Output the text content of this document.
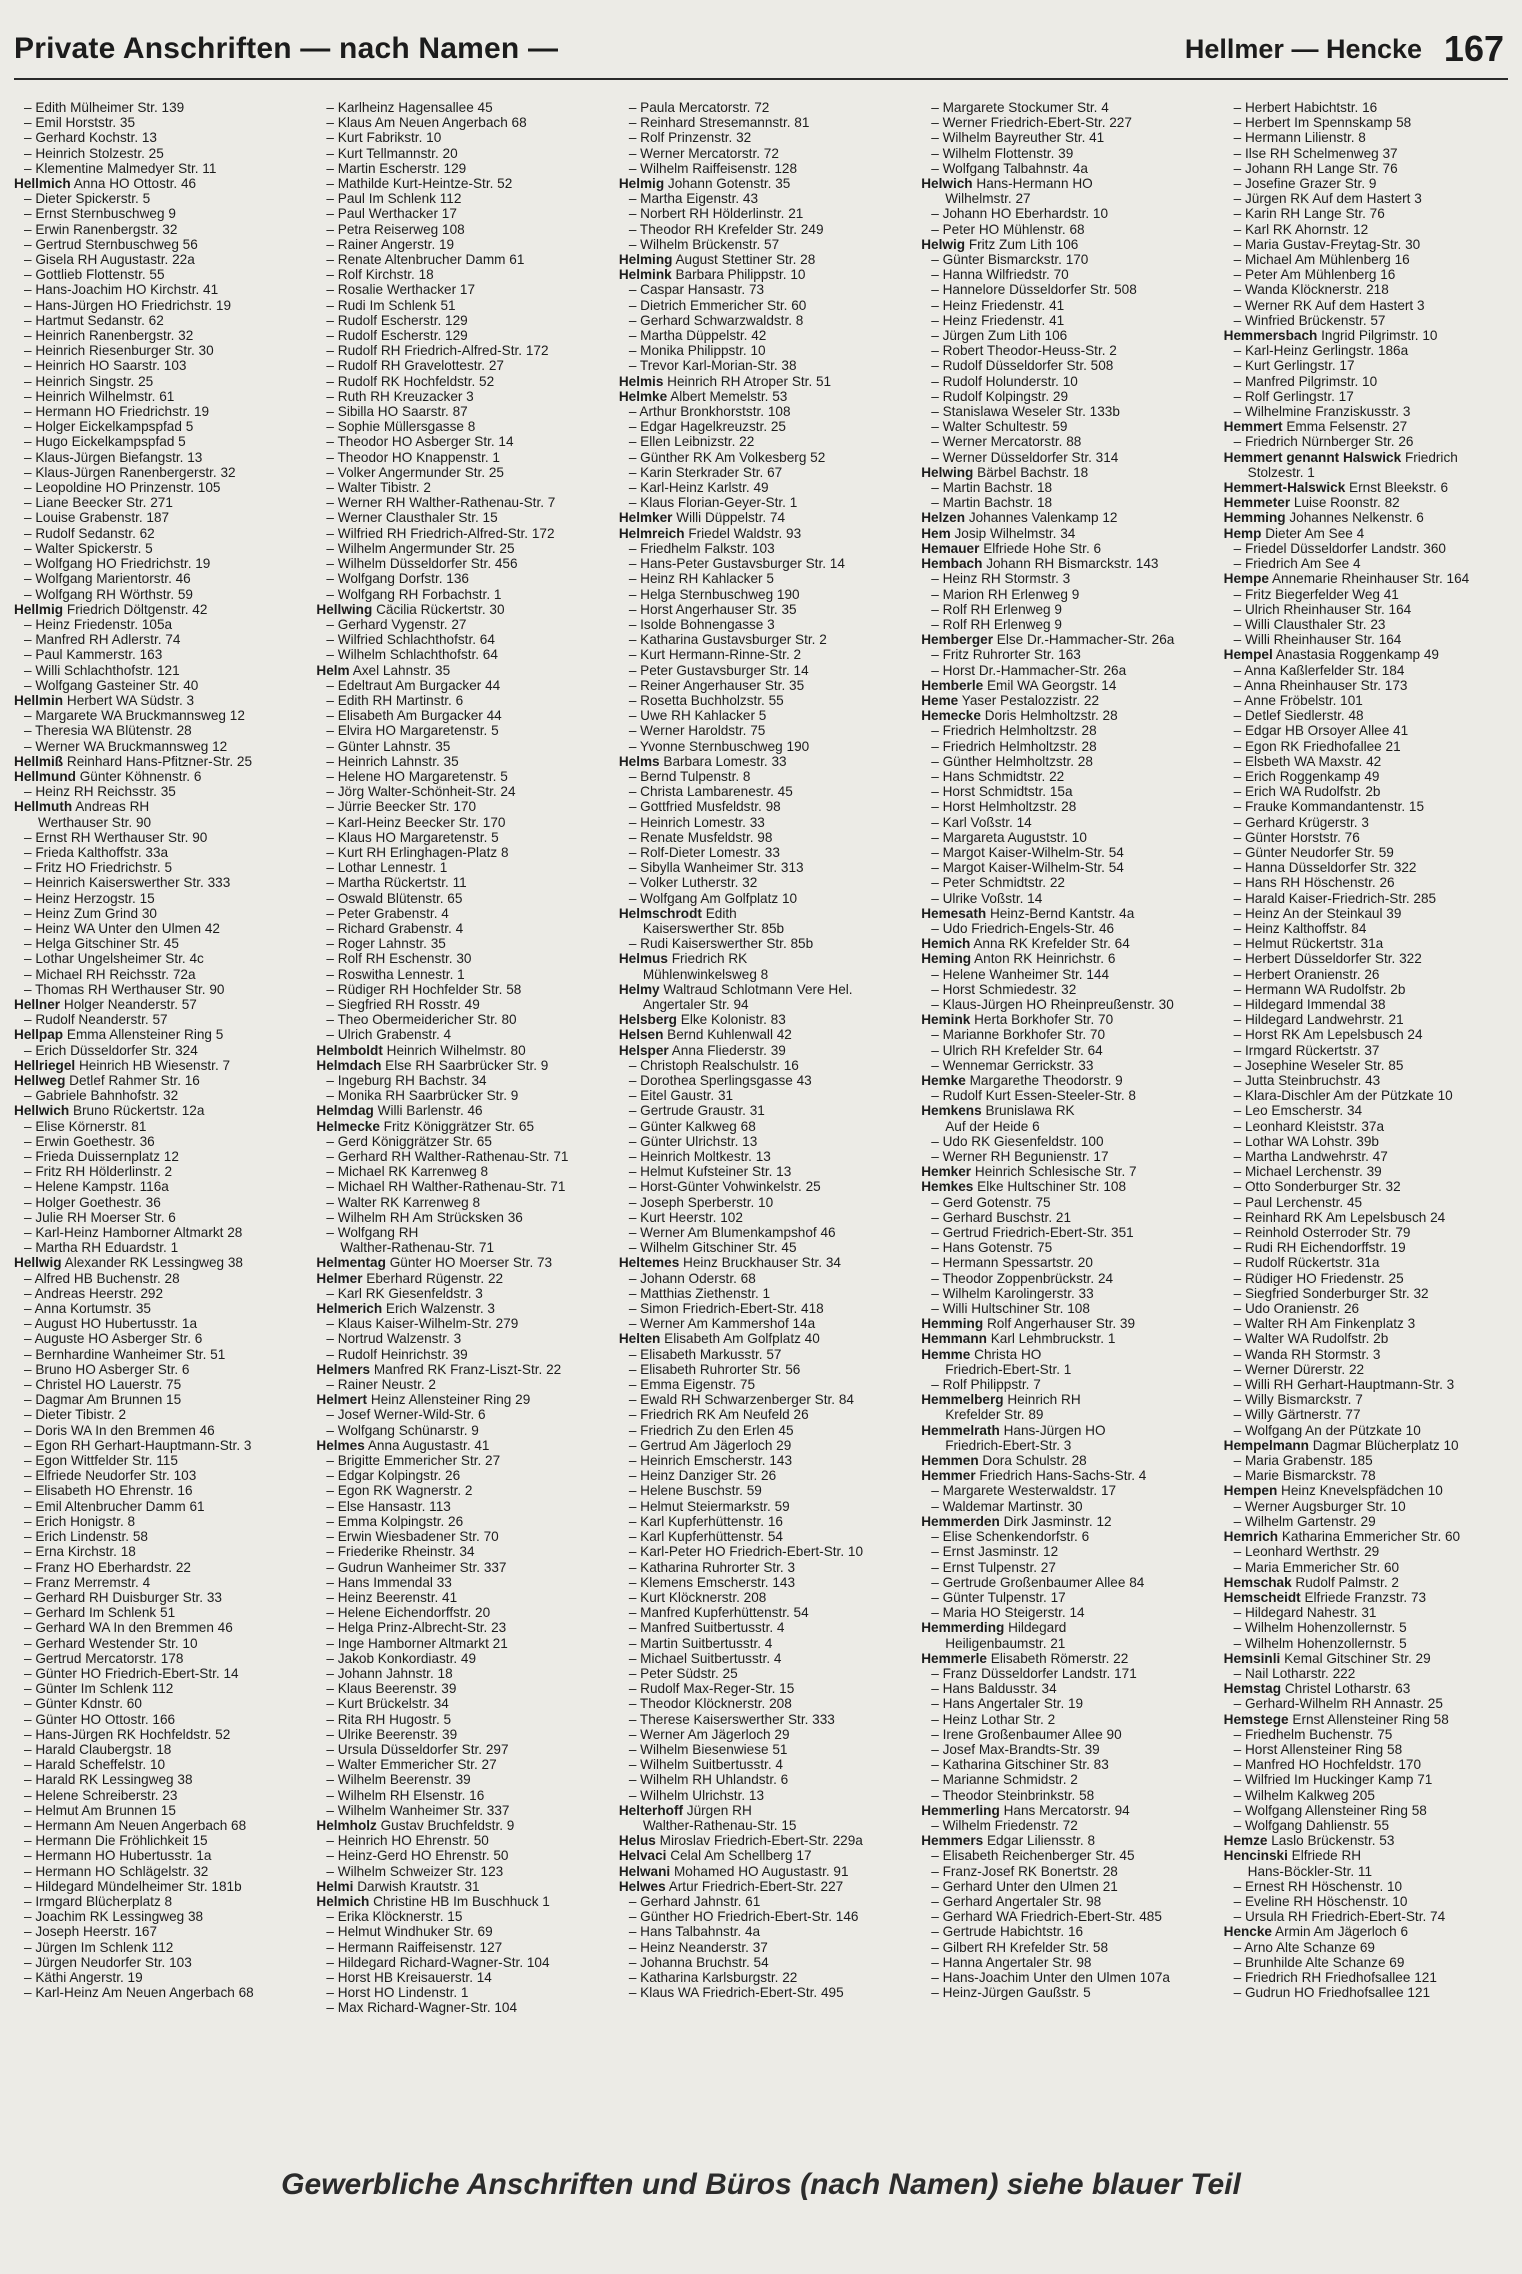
Private Anschriften — nach Namen —	Hellmer — Hencke 167
– Edith Mülheimer Str. 139
– Emil Horststr. 35
– Gerhard Kochstr. 13
– Heinrich Stolzestr. 25
– Klementine Malmedyer Str. 11
Hellmich Anna HO Ottostr. 46
– Dieter Spickerstr. 5
– Ernst Sternbuschweg 9
– Erwin Ranenbergstr. 32
– Gertrud Sternbuschweg 56
– Gisela RH Augustastr. 22a
– Gottlieb Flottenstr. 55
– Hans-Joachim HO Kirchstr. 41
– Hans-Jürgen HO Friedrichstr. 19
– Hartmut Sedanstr. 62
– Heinrich Ranenbergstr. 32
– Heinrich Riesenburger Str. 30
– Heinrich HO Saarstr. 103
– Heinrich Singstr. 25
– Heinrich Wilhelmstr. 61
– Hermann HO Friedrichstr. 19
– Holger Eickelkampspfad 5
– Hugo Eickelkampspfad 5
– Klaus-Jürgen Biefangstr. 13
– Klaus-Jürgen Ranenbergerstr. 32
– Leopoldine HO Prinzenstr. 105
– Liane Beecker Str. 271
– Louise Grabenstr. 187
– Rudolf Sedanstr. 62
– Walter Spickerstr. 5
– Wolfgang HO Friedrichstr. 19
– Wolfgang Marientorstr. 46
– Wolfgang RH Wörthstr. 59
Hellmig Friedrich Döltgenstr. 42
– Heinz Friedenstr. 105a
– Manfred RH Adlerstr. 74
– Paul Kammerstr. 163
– Willi Schlachthofstr. 121
– Wolfgang Gasteiner Str. 40
Hellmin Herbert WA Südstr. 3
– Margarete WA Bruckmannsweg 12
– Theresia WA Blütenstr. 28
– Werner WA Bruckmannsweg 12
Hellmiß Reinhard Hans-Pfitzner-Str. 25
Hellmund Günter Köhnenstr. 6
– Heinz RH Reichsstr. 35
Hellmuth Andreas RH
Werthauser Str. 90
– Ernst RH Werthauser Str. 90
– Frieda Kalthoffstr. 33a
– Fritz HO Friedrichstr. 5
– Heinrich Kaiserswerther Str. 333
– Heinz Herzogstr. 15
– Heinz Zum Grind 30
– Heinz WA Unter den Ulmen 42
– Helga Gitschiner Str. 45
– Lothar Ungelsheimer Str. 4c
– Michael RH Reichsstr. 72a
– Thomas RH Werthauser Str. 90
Hellner Holger Neanderstr. 57
– Rudolf Neanderstr. 57
Hellpap Emma Allensteiner Ring 5
– Erich Düsseldorfer Str. 324
Hellriegel Heinrich HB Wiesenstr. 7
Hellweg Detlef Rahmer Str. 16
– Gabriele Bahnhofstr. 32
Hellwich Bruno Rückertstr. 12a
– Elise Körnerstr. 81
– Erwin Goethestr. 36
– Frieda Duissernplatz 12
– Fritz RH Hölderlinstr. 2
– Helene Kampstr. 116a
– Holger Goethestr. 36
– Julie RH Moerser Str. 6
– Karl-Heinz Hamborner Altmarkt 28
– Martha RH Eduardstr. 1
Hellwig Alexander RK Lessingweg 38
– Alfred HB Buchenstr. 28
– Andreas Heerstr. 292
– Anna Kortumstr. 35
– August HO Hubertusstr. 1a
– Auguste HO Asberger Str. 6
– Bernhardine Wanheimer Str. 51
– Bruno HO Asberger Str. 6
– Christel HO Lauerstr. 75
– Dagmar Am Brunnen 15
– Dieter Tibistr. 2
– Doris WA In den Bremmen 46
– Egon RH Gerhart-Hauptmann-Str. 3
– Egon Wittfelder Str. 115
– Elfriede Neudorfer Str. 103
– Elisabeth HO Ehrenstr. 16
– Emil Altenbrucher Damm 61
– Erich Honigstr. 8
– Erich Lindenstr. 58
– Erna Kirchstr. 18
– Franz HO Eberhardstr. 22
– Franz Merremstr. 4
– Gerhard RH Duisburger Str. 33
– Gerhard Im Schlenk 51
– Gerhard WA In den Bremmen 46
– Gerhard Westender Str. 10
– Gertrud Mercatorstr. 178
– Günter HO Friedrich-Ebert-Str. 14
– Günter Im Schlenk 112
– Günter Kdnstr. 60
– Günter HO Ottostr. 166
– Hans-Jürgen RK Hochfeldstr. 52
– Harald Claubergstr. 18
– Harald Scheffelstr. 10
– Harald RK Lessingweg 38
– Helene Schreiberstr. 23
– Helmut Am Brunnen 15
– Hermann Am Neuen Angerbach 68
– Hermann Die Fröhlichkeit 15
– Hermann HO Hubertusstr. 1a
– Hermann HO Schlägelstr. 32
– Hildegard Mündelheimer Str. 181b
– Irmgard Blücherplatz 8
– Joachim RK Lessingweg 38
– Joseph Heerstr. 167
– Jürgen Im Schlenk 112
– Jürgen Neudorfer Str. 103
– Käthi Angerstr. 19
– Karl-Heinz Am Neuen Angerbach 68
– Karlheinz Hagensallee 45
– Klaus Am Neuen Angerbach 68
– Kurt Fabrikstr. 10
– Kurt Tellmannstr. 20
– Martin Escherstr. 129
– Mathilde Kurt-Heintze-Str. 52
– Paul Im Schlenk 112
– Paul Werthacker 17
– Petra Reiserweg 108
– Rainer Angerstr. 19
– Renate Altenbrucher Damm 61
– Rolf Kirchstr. 18
– Rosalie Werthacker 17
– Rudi Im Schlenk 51
– Rudolf Escherstr. 129
– Rudolf Escherstr. 129
– Rudolf RH Friedrich-Alfred-Str. 172
– Rudolf RH Gravelottestr. 27
– Rudolf RK Hochfeldstr. 52
– Ruth RH Kreuzacker 3
– Sibilla HO Saarstr. 87
– Sophie Müllersgasse 8
– Theodor HO Asberger Str. 14
– Theodor HO Knappenstr. 1
– Volker Angermunder Str. 25
– Walter Tibistr. 2
– Werner RH Walther-Rathenau-Str. 7
– Werner Clausthaler Str. 15
– Wilfried RH Friedrich-Alfred-Str. 172
– Wilhelm Angermunder Str. 25
– Wilhelm Düsseldorfer Str. 456
– Wolfgang Dorfstr. 136
– Wolfgang RH Forbachstr. 1
Hellwing Cäcilia Rückertstr. 30
– Gerhard Vygenstr. 27
– Wilfried Schlachthofstr. 64
– Wilhelm Schlachthofstr. 64
Helm Axel Lahnstr. 35
– Edeltraut Am Burgacker 44
– Edith RH Martinstr. 6
– Elisabeth Am Burgacker 44
– Elvira HO Margaretenstr. 5
– Günter Lahnstr. 35
– Heinrich Lahnstr. 35
– Helene HO Margaretenstr. 5
– Jörg Walter-Schönheit-Str. 24
– Jürrie Beecker Str. 170
– Karl-Heinz Beecker Str. 170
– Klaus HO Margaretenstr. 5
– Kurt RH Erlinghagen-Platz 8
– Lothar Lennestr. 1
– Martha Rückertstr. 11
– Oswald Blütenstr. 65
– Peter Grabenstr. 4
– Richard Grabenstr. 4
– Roger Lahnstr. 35
– Rolf RH Eschenstr. 30
– Roswitha Lennestr. 1
– Rüdiger RH Hochfelder Str. 58
– Siegfried RH Rosstr. 49
– Theo Obermeidericher Str. 80
– Ulrich Grabenstr. 4
Helmboldt Heinrich Wilhelmstr. 80
Helmdach Else RH Saarbrücker Str. 9
– Ingeburg RH Bachstr. 34
– Monika RH Saarbrücker Str. 9
Helmdag Willi Barlenstr. 46
Helmecke Fritz Königgrätzer Str. 65
– Gerd Königgrätzer Str. 65
– Gerhard RH Walther-Rathenau-Str. 71
– Michael RK Karrenweg 8
– Michael RH Walther-Rathenau-Str. 71
– Walter RK Karrenweg 8
– Wilhelm RH Am Strücksken 36
– Wolfgang RH
Walther-Rathenau-Str. 71
Helmentag Günter HO Moerser Str. 73
Helmer Eberhard Rügenstr. 22
– Karl RK Giesenfeldstr. 3
Helmerich Erich Walzenstr. 3
– Klaus Kaiser-Wilhelm-Str. 279
– Nortrud Walzenstr. 3
– Rudolf Heinrichstr. 39
Helmers Manfred RK Franz-Liszt-Str. 22
– Rainer Neustr. 2
Helmert Heinz Allensteiner Ring 29
– Josef Werner-Wild-Str. 6
– Wolfgang Schünarstr. 9
Helmes Anna Augustastr. 41
– Brigitte Emmericher Str. 27
– Edgar Kolpingstr. 26
– Egon RK Wagnerstr. 2
– Else Hansastr. 113
– Emma Kolpingstr. 26
– Erwin Wiesbadener Str. 70
– Friederike Rheinstr. 34
– Gudrun Wanheimer Str. 337
– Hans Immendal 33
– Heinz Beerenstr. 41
– Helene Eichendorffstr. 20
– Helga Prinz-Albrecht-Str. 23
– Inge Hamborner Altmarkt 21
– Jakob Konkordiastr. 49
– Johann Jahnstr. 18
– Klaus Beerenstr. 39
– Kurt Brückelstr. 34
– Rita RH Hugostr. 5
– Ulrike Beerenstr. 39
– Ursula Düsseldorfer Str. 297
– Walter Emmericher Str. 27
– Wilhelm Beerenstr. 39
– Wilhelm RH Elsenstr. 16
– Wilhelm Wanheimer Str. 337
Helmholz Gustav Bruchfeldstr. 9
– Heinrich HO Ehrenstr. 50
– Heinz-Gerd HO Ehrenstr. 50
– Wilhelm Schweizer Str. 123
Helmi Darwish Krautstr. 31
Helmich Christine HB Im Buschhuck 1
– Erika Klöcknerstr. 15
– Helmut Windhuker Str. 69
– Hermann Raiffeisenstr. 127
– Hildegard Richard-Wagner-Str. 104
– Horst HB Kreisauerstr. 14
– Horst HO Lindenstr. 1
– Max Richard-Wagner-Str. 104
– Paula Mercatorstr. 72
– Reinhard Stresemannstr. 81
– Rolf Prinzenstr. 32
– Werner Mercatorstr. 72
– Wilhelm Raiffeisenstr. 128
Helmig Johann Gotenstr. 35
– Martha Eigenstr. 43
– Norbert RH Hölderlinstr. 21
– Theodor RH Krefelder Str. 249
– Wilhelm Brückenstr. 57
Helming August Stettiner Str. 28
Helmink Barbara Philippstr. 10
– Caspar Hansastr. 73
– Dietrich Emmericher Str. 60
– Gerhard Schwarzwaldstr. 8
– Martha Düppelstr. 42
– Monika Philippstr. 10
– Trevor Karl-Morian-Str. 38
Helmis Heinrich RH Atroper Str. 51
Helmke Albert Memelstr. 53
– Arthur Bronkhorststr. 108
– Edgar Hagelkreuzstr. 25
– Ellen Leibnizstr. 22
– Günther RK Am Volkesberg 52
– Karin Sterkrader Str. 67
– Karl-Heinz Karlstr. 49
– Klaus Florian-Geyer-Str. 1
Helmker Willi Düppelstr. 74
Helmreich Friedel Waldstr. 93
– Friedhelm Falkstr. 103
– Hans-Peter Gustavsburger Str. 14
– Heinz RH Kahlacker 5
– Helga Sternbuschweg 190
– Horst Angerhauser Str. 35
– Isolde Bohnengasse 3
– Katharina Gustavsburger Str. 2
– Kurt Hermann-Rinne-Str. 2
– Peter Gustavsburger Str. 14
– Reiner Angerhauser Str. 35
– Rosetta Buchholzstr. 55
– Uwe RH Kahlacker 5
– Werner Haroldstr. 75
– Yvonne Sternbuschweg 190
Helms Barbara Lomestr. 33
– Bernd Tulpenstr. 8
– Christa Lambarenestr. 45
– Gottfried Musfeldstr. 98
– Heinrich Lomestr. 33
– Renate Musfeldstr. 98
– Rolf-Dieter Lomestr. 33
– Sibylla Wanheimer Str. 313
– Volker Lutherstr. 32
– Wolfgang Am Golfplatz 10
Helmschrodt Edith
Kaiserswerther Str. 85b
– Rudi Kaiserswerther Str. 85b
Helmus Friedrich RK
Mühlenwinkelsweg 8
Helmy Waltraud Schlotmann Vere Hel.
Angertaler Str. 94
Helsberg Elke Kolonistr. 83
Helsen Bernd Kuhlenwall 42
Helsper Anna Fliederstr. 39
– Christoph Realschulstr. 16
– Dorothea Sperlingsgasse 43
– Eitel Gaustr. 31
– Gertrude Graustr. 31
– Günter Kalkweg 68
– Günter Ulrichstr. 13
– Heinrich Moltkestr. 13
– Helmut Kufsteiner Str. 13
– Horst-Günter Vohwinkelstr. 25
– Joseph Sperberstr. 10
– Kurt Heerstr. 102
– Werner Am Blumenkampshof 46
– Wilhelm Gitschiner Str. 45
Heltemes Heinz Bruckhauser Str. 34
– Johann Oderstr. 68
– Matthias Ziethenstr. 1
– Simon Friedrich-Ebert-Str. 418
– Werner Am Kammershof 14a
Helten Elisabeth Am Golfplatz 40
– Elisabeth Markusstr. 57
– Elisabeth Ruhrorter Str. 56
– Emma Eigenstr. 75
– Ewald RH Schwarzenberger Str. 84
– Friedrich RK Am Neufeld 26
– Friedrich Zu den Erlen 45
– Gertrud Am Jägerloch 29
– Heinrich Emscherstr. 143
– Heinz Danziger Str. 26
– Helene Buschstr. 59
– Helmut Steiermarkstr. 59
– Karl Kupferhüttenstr. 16
– Karl Kupferhüttenstr. 54
– Karl-Peter HO Friedrich-Ebert-Str. 10
– Katharina Ruhrorter Str. 3
– Klemens Emscherstr. 143
– Kurt Klöcknerstr. 208
– Manfred Kupferhüttenstr. 54
– Manfred Suitbertusstr. 4
– Martin Suitbertusstr. 4
– Michael Suitbertusstr. 4
– Peter Südstr. 25
– Rudolf Max-Reger-Str. 15
– Theodor Klöcknerstr. 208
– Therese Kaiserswerther Str. 333
– Werner Am Jägerloch 29
– Wilhelm Biesenwiese 51
– Wilhelm Suitbertusstr. 4
– Wilhelm RH Uhlandstr. 6
– Wilhelm Ulrichstr. 13
Helterhoff Jürgen RH
Walther-Rathenau-Str. 15
Helus Miroslav Friedrich-Ebert-Str. 229a
Helvaci Celal Am Schellberg 17
Helwani Mohamed HO Augustastr. 91
Helwes Artur Friedrich-Ebert-Str. 227
– Gerhard Jahnstr. 61
– Günther HO Friedrich-Ebert-Str. 146
– Hans Talbahnstr. 4a
– Heinz Neanderstr. 37
– Johanna Bruchstr. 54
– Katharina Karlsburgstr. 22
– Klaus WA Friedrich-Ebert-Str. 495
– Margarete Stockumer Str. 4
– Werner Friedrich-Ebert-Str. 227
– Wilhelm Bayreuther Str. 41
– Wilhelm Flottenstr. 39
– Wolfgang Talbahnstr. 4a
Helwich Hans-Hermann HO
Wilhelmstr. 27
– Johann HO Eberhardstr. 10
– Peter HO Mühlenstr. 68
Helwig Fritz Zum Lith 106
– Günter Bismarckstr. 170
– Hanna Wilfriedstr. 70
– Hannelore Düsseldorfer Str. 508
– Heinz Friedenstr. 41
– Heinz Friedenstr. 41
– Jürgen Zum Lith 106
– Robert Theodor-Heuss-Str. 2
– Rudolf Düsseldorfer Str. 508
– Rudolf Holunderstr. 10
– Rudolf Kolpingstr. 29
– Stanislawa Weseler Str. 133b
– Walter Schultestr. 59
– Werner Mercatorstr. 88
– Werner Düsseldorfer Str. 314
Helwing Bärbel Bachstr. 18
– Martin Bachstr. 18
– Martin Bachstr. 18
Helzen Johannes Valenkamp 12
Hem Josip Wilhelmstr. 34
Hemauer Elfriede Hohe Str. 6
Hembach Johann RH Bismarckstr. 143
– Heinz RH Stormstr. 3
– Marion RH Erlenweg 9
– Rolf RH Erlenweg 9
– Rolf RH Erlenweg 9
Hemberger Else Dr.-Hammacher-Str. 26a
– Fritz Ruhrorter Str. 163
– Horst Dr.-Hammacher-Str. 26a
Hemberle Emil WA Georgstr. 14
Heme Yaser Pestalozzistr. 22
Hemecke Doris Helmholtzstr. 28
– Friedrich Helmholtzstr. 28
– Friedrich Helmholtzstr. 28
– Günther Helmholtzstr. 28
– Hans Schmidtstr. 22
– Horst Schmidtstr. 15a
– Horst Helmholtzstr. 28
– Karl Voßstr. 14
– Margareta Auguststr. 10
– Margot Kaiser-Wilhelm-Str. 54
– Margot Kaiser-Wilhelm-Str. 54
– Peter Schmidtstr. 22
– Ulrike Voßstr. 14
Hemesath Heinz-Bernd Kantstr. 4a
– Udo Friedrich-Engels-Str. 46
Hemich Anna RK Krefelder Str. 64
Heming Anton RK Heinrichstr. 6
– Helene Wanheimer Str. 144
– Horst Schmiedestr. 32
– Klaus-Jürgen HO Rheinpreußenstr. 30
Hemink Herta Borkhofer Str. 70
– Marianne Borkhofer Str. 70
– Ulrich RH Krefelder Str. 64
– Wennemar Gerrickstr. 33
Hemke Margarethe Theodorstr. 9
– Rudolf Kurt Essen-Steeler-Str. 8
Hemkens Brunislawa RK
Auf der Heide 6
– Udo RK Giesenfeldstr. 100
– Werner RH Begunienstr. 17
Hemker Heinrich Schlesische Str. 7
Hemkes Elke Hultschiner Str. 108
– Gerd Gotenstr. 75
– Gerhard Buschstr. 21
– Gertrud Friedrich-Ebert-Str. 351
– Hans Gotenstr. 75
– Hermann Spessartstr. 20
– Theodor Zoppenbrückstr. 24
– Wilhelm Karolingerstr. 33
– Willi Hultschiner Str. 108
Hemming Rolf Angerhauser Str. 39
Hemmann Karl Lehmbruckstr. 1
Hemme Christa HO
Friedrich-Ebert-Str. 1
– Rolf Philippstr. 7
Hemmelberg Heinrich RH
Krefelder Str. 89
Hemmelrath Hans-Jürgen HO
Friedrich-Ebert-Str. 3
Hemmen Dora Schulstr. 28
Hemmer Friedrich Hans-Sachs-Str. 4
– Margarete Westerwaldstr. 17
– Waldemar Martinstr. 30
Hemmerden Dirk Jasminstr. 12
– Elise Schenkendorfstr. 6
– Ernst Jasminstr. 12
– Ernst Tulpenstr. 27
– Gertrude Großenbaumer Allee 84
– Günter Tulpenstr. 17
– Maria HO Steigerstr. 14
Hemmerding Hildegard
Heiligenbaumstr. 21
Hemmerle Elisabeth Römerstr. 22
– Franz Düsseldorfer Landstr. 171
– Hans Baldusstr. 34
– Hans Angertaler Str. 19
– Heinz Lothar Str. 2
– Irene Großenbaumer Allee 90
– Josef Max-Brandts-Str. 39
– Katharina Gitschiner Str. 83
– Marianne Schmidstr. 2
– Theodor Steinbrinkstr. 58
Hemmerling Hans Mercatorstr. 94
– Wilhelm Friedenstr. 72
Hemmers Edgar Liliensstr. 8
– Elisabeth Reichenberger Str. 45
– Franz-Josef RK Bonertstr. 28
– Gerhard Unter den Ulmen 21
– Gerhard Angertaler Str. 98
– Gerhard WA Friedrich-Ebert-Str. 485
– Gertrude Habichtstr. 16
– Gilbert RH Krefelder Str. 58
– Hanna Angertaler Str. 98
– Hans-Joachim Unter den Ulmen 107a
– Heinz-Jürgen Gaußstr. 5
– Herbert Habichtstr. 16
– Herbert Im Spennskamp 58
– Hermann Lilienstr. 8
– Ilse RH Schelmenweg 37
– Johann RH Lange Str. 76
– Josefine Grazer Str. 9
– Jürgen RK Auf dem Hastert 3
– Karin RH Lange Str. 76
– Karl RK Ahornstr. 12
– Maria Gustav-Freytag-Str. 30
– Michael Am Mühlenberg 16
– Peter Am Mühlenberg 16
– Wanda Klöcknerstr. 218
– Werner RK Auf dem Hastert 3
– Winfried Brückenstr. 57
Hemmersbach Ingrid Pilgrimstr. 10
– Karl-Heinz Gerlingstr. 186a
– Kurt Gerlingstr. 17
– Manfred Pilgrimstr. 10
– Rolf Gerlingstr. 17
– Wilhelmine Franziskusstr. 3
Hemmert Emma Felsenstr. 27
– Friedrich Nürnberger Str. 26
Hemmert genannt Halswick Friedrich
Stolzestr. 1
Hemmert-Halswick Ernst Bleekstr. 6
Hemmeter Luise Roonstr. 82
Hemming Johannes Nelkenstr. 6
Hemp Dieter Am See 4
– Friedel Düsseldorfer Landstr. 360
– Friedrich Am See 4
Hempe Annemarie Rheinhauser Str. 164
– Fritz Biegerfelder Weg 41
– Ulrich Rheinhauser Str. 164
– Willi Clausthaler Str. 23
– Willi Rheinhauser Str. 164
Hempel Anastasia Roggenkamp 49
– Anna Kaßlerfelder Str. 184
– Anna Rheinhauser Str. 173
– Anne Fröbelstr. 101
– Detlef Siedlerstr. 48
– Edgar HB Orsoyer Allee 41
– Egon RK Friedhofallee 21
– Elsbeth WA Maxstr. 42
– Erich Roggenkamp 49
– Erich WA Rudolfstr. 2b
– Frauke Kommandantenstr. 15
– Gerhard Krügerstr. 3
– Günter Horststr. 76
– Günter Neudorfer Str. 59
– Hanna Düsseldorfer Str. 322
– Hans RH Höschenstr. 26
– Harald Kaiser-Friedrich-Str. 285
– Heinz An der Steinkaul 39
– Heinz Kalthoffstr. 84
– Helmut Rückertstr. 31a
– Herbert Düsseldorfer Str. 322
– Herbert Oranienstr. 26
– Hermann WA Rudolfstr. 2b
– Hildegard Immendal 38
– Hildegard Landwehrstr. 21
– Horst RK Am Lepelsbusch 24
– Irmgard Rückertstr. 37
– Josephine Weseler Str. 85
– Jutta Steinbruchstr. 43
– Klara-Dischler Am der Pützkate 10
– Leo Emscherstr. 34
– Leonhard Kleiststr. 37a
– Lothar WA Lohstr. 39b
– Martha Landwehrstr. 47
– Michael Lerchenstr. 39
– Otto Sonderburger Str. 32
– Paul Lerchenstr. 45
– Reinhard RK Am Lepelsbusch 24
– Reinhold Osterroder Str. 79
– Rudi RH Eichendorffstr. 19
– Rudolf Rückertstr. 31a
– Rüdiger HO Friedenstr. 25
– Siegfried Sonderburger Str. 32
– Udo Oranienstr. 26
– Walter RH Am Finkenplatz 3
– Walter WA Rudolfstr. 2b
– Wanda RH Stormstr. 3
– Werner Dürerstr. 22
– Willi RH Gerhart-Hauptmann-Str. 3
– Willy Bismarckstr. 7
– Willy Gärtnerstr. 77
– Wolfgang An der Pützkate 10
Hempelmann Dagmar Blücherplatz 10
– Maria Grabenstr. 185
– Marie Bismarckstr. 78
Hempen Heinz Knevelspfädchen 10
– Werner Augsburger Str. 10
– Wilhelm Gartenstr. 29
Hemrich Katharina Emmericher Str. 60
– Leonhard Werthstr. 29
– Maria Emmericher Str. 60
Hemschak Rudolf Palmstr. 2
Hemscheidt Elfriede Franzstr. 73
– Hildegard Nahestr. 31
– Wilhelm Hohenzollernstr. 5
– Wilhelm Hohenzollernstr. 5
Hemsinli Kemal Gitschiner Str. 29
– Nail Lotharstr. 222
Hemstag Christel Lotharstr. 63
– Gerhard-Wilhelm RH Annastr. 25
Hemstege Ernst Allensteiner Ring 58
– Friedhelm Buchenstr. 75
– Horst Allensteiner Ring 58
– Manfred HO Hochfeldstr. 170
– Wilfried Im Huckinger Kamp 71
– Wilhelm Kalkweg 205
– Wolfgang Allensteiner Ring 58
– Wolfgang Dahlienstr. 55
Hemze Laslo Brückenstr. 53
Hencinski Elfriede RH
Hans-Böckler-Str. 11
– Ernest RH Höschenstr. 10
– Eveline RH Höschenstr. 10
– Ursula RH Friedrich-Ebert-Str. 74
Hencke Armin Am Jägerloch 6
– Arno Alte Schanze 69
– Brunhilde Alte Schanze 69
– Friedrich RH Friedhofsallee 121
– Gudrun HO Friedhofsallee 121
Gewerbliche Anschriften und Büros (nach Namen) siehe blauer Teil
